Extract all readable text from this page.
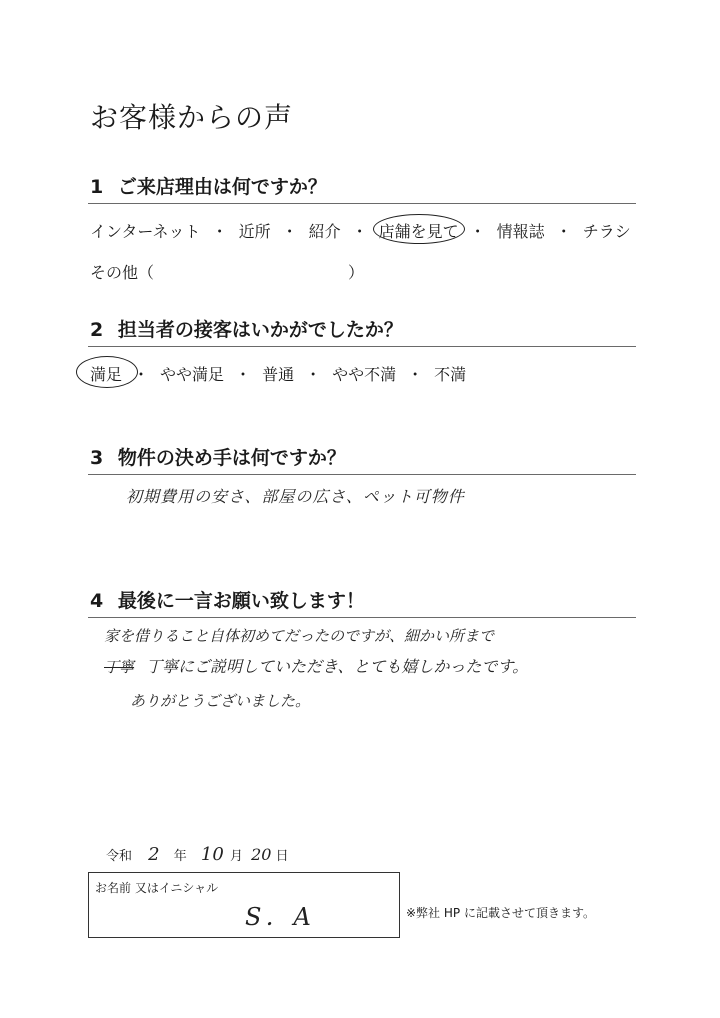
お客様からの声
1 ご来店理由は何ですか？
インターネット ・ 近所 ・ 紹介 ・ 店舗を見て ・ 情報誌 ・ チラシ
その他（	）
2 担当者の接客はいかがでしたか？
満足 ・ やや満足 ・ 普通 ・ やや不満 ・ 不満
3 物件の決め手は何ですか？
初期費用の安さ、部屋の広さ、ペット可物件
4 最後に一言お願い致します！
家を借りること自体初めてだったのですが、細かい所まで
丁寧 丁寧にご説明していただき、とても嬉しかったです。
ありがとうございました。
令和 2 年 10 月 20 日
お名前 又はイニシャル
S．A	※弊社 HP に記載させて頂きます。
